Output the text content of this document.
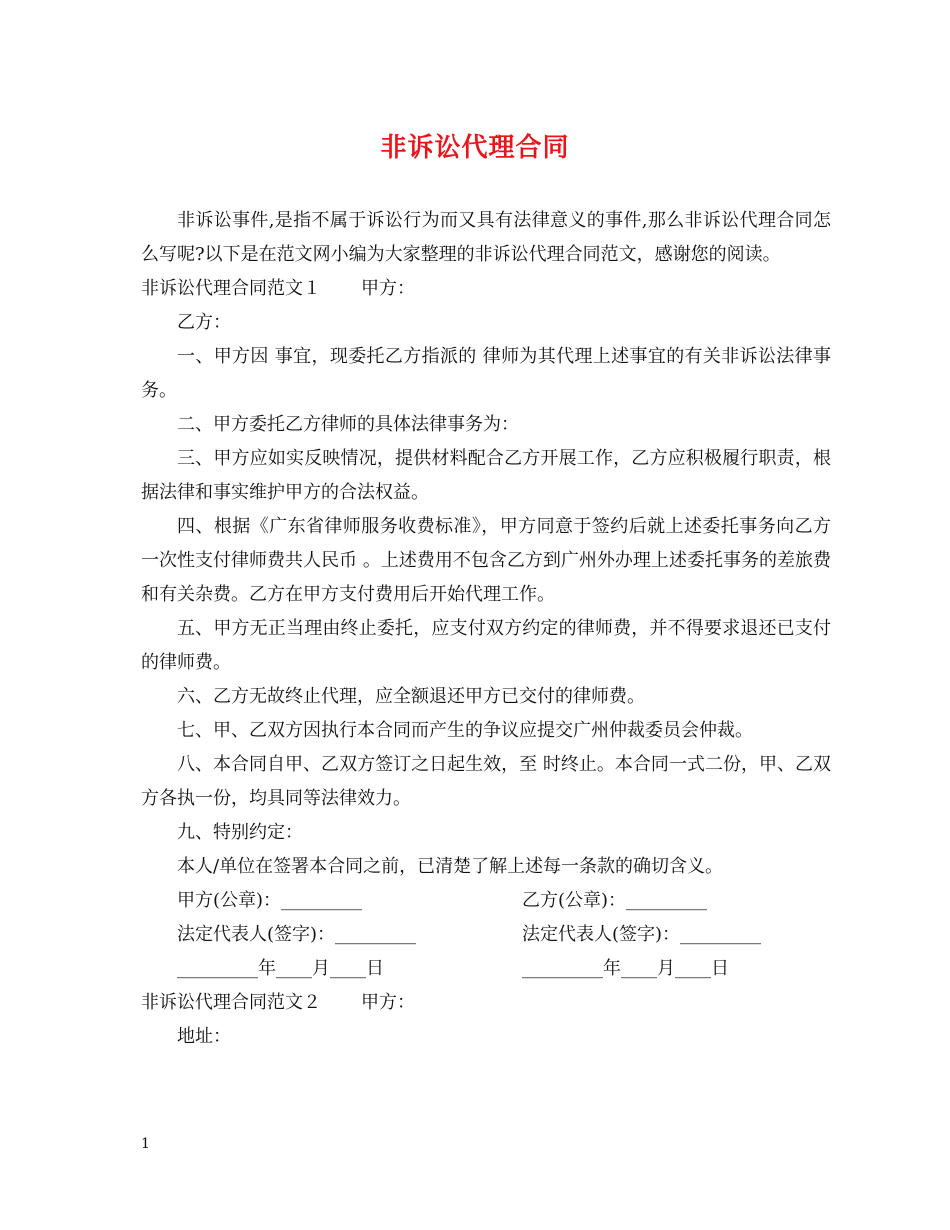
非诉讼代理合同

非诉讼事件,是指不属于诉讼行为而又具有法律意义的事件,那么非诉讼代理合同怎么写呢?以下是在范文网小编为大家整理的非诉讼代理合同范文，感谢您的阅读。

非诉讼代理合同范文１ 甲方：

乙方：

一、甲方因 事宜，现委托乙方指派的 律师为其代理上述事宜的有关非诉讼法律事务。

二、甲方委托乙方律师的具体法律事务为：

三、甲方应如实反映情况，提供材料配合乙方开展工作，乙方应积极履行职责，根据法律和事实维护甲方的合法权益。

四、根据《广东省律师服务收费标准》，甲方同意于签约后就上述委托事务向乙方一次性支付律师费共人民币 。上述费用不包含乙方到广州外办理上述委托事务的差旅费和有关杂费。乙方在甲方支付费用后开始代理工作。

五、甲方无正当理由终止委托，应支付双方约定的律师费，并不得要求退还已支付的律师费。

六、乙方无故终止代理，应全额退还甲方已交付的律师费。

七、甲、乙双方因执行本合同而产生的争议应提交广州仲裁委员会仲裁。

八、本合同自甲、乙双方签订之日起生效，至 时终止。本合同一式二份，甲、乙双方各执一份，均具同等法律效力。

九、特别约定：

本人/单位在签署本合同之前，已清楚了解上述每一条款的确切含义。

甲方(公章)：_________	乙方(公章)：_________
法定代表人(签字)：_________	法定代表人(签字)：_________
_________年____月____日	_________年____月____日

非诉讼代理合同范文２ 甲方：

地址：

1
